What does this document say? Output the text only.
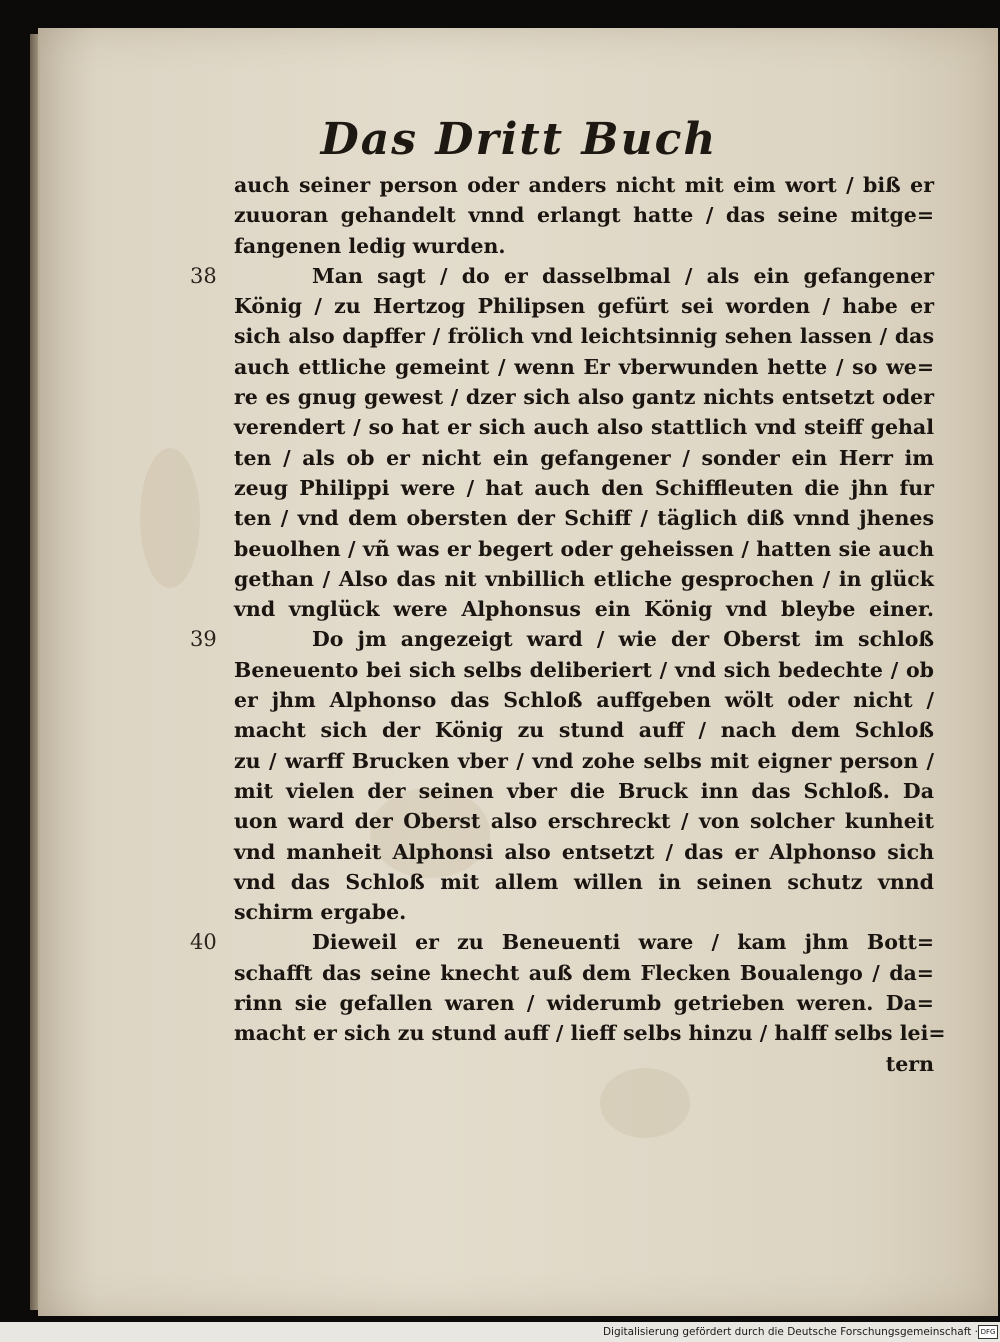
Das Dritt Buch
auch seiner person oder anders nicht mit eim wort / biß er
zuuoran gehandelt vnnd erlangt hatte / das seine mitge=
fangenen ledig wurden.
38	Man sagt / do er dasselbmal / als ein gefangener
König / zu Hertzog Philipsen gefürt sei worden / habe er
sich also dapffer / frölich vnd leichtsinnig sehen lassen / das
auch ettliche gemeint / wenn Er vberwunden hette / so we=
re es gnug gewest / dzer sich also gantz nichts entsetzt oder
verendert / so hat er sich auch also stattlich vnd steiff gehal
ten / als ob er nicht ein gefangener / sonder ein Herr im
zeug Philippi were / hat auch den Schiffleuten die jhn fur
ten / vnd dem obersten der Schiff / täglich diß vnnd jhenes
beuolhen / vñ was er begert oder geheissen / hatten sie auch
gethan / Also das nit vnbillich etliche gesprochen / in glück
vnd vnglück were Alphonsus ein König vnd bleybe einer.
39	Do jm angezeigt ward / wie der Oberst im schloß
Beneuento bei sich selbs deliberiert / vnd sich bedechte / ob
er jhm Alphonso das Schloß auffgeben wölt oder nicht /
macht sich der König zu stund auff / nach dem Schloß
zu / warff Brucken vber / vnd zohe selbs mit eigner person /
mit vielen der seinen vber die Bruck inn das Schloß. Da
uon ward der Oberst also erschreckt / von solcher kunheit
vnd manheit Alphonsi also entsetzt / das er Alphonso sich
vnd das Schloß mit allem willen in seinen schutz vnnd
schirm ergabe.
40	Dieweil er zu Beneuenti ware / kam jhm Bott=
schafft das seine knecht auß dem Flecken Boualengo / da=
rinn sie gefallen waren / widerumb getrieben weren. Da=
macht er sich zu stund auff / lieff selbs hinzu / halff selbs lei=
tern
Digitalisierung gefördert durch die Deutsche Forschungsgemeinschaft · DFG
